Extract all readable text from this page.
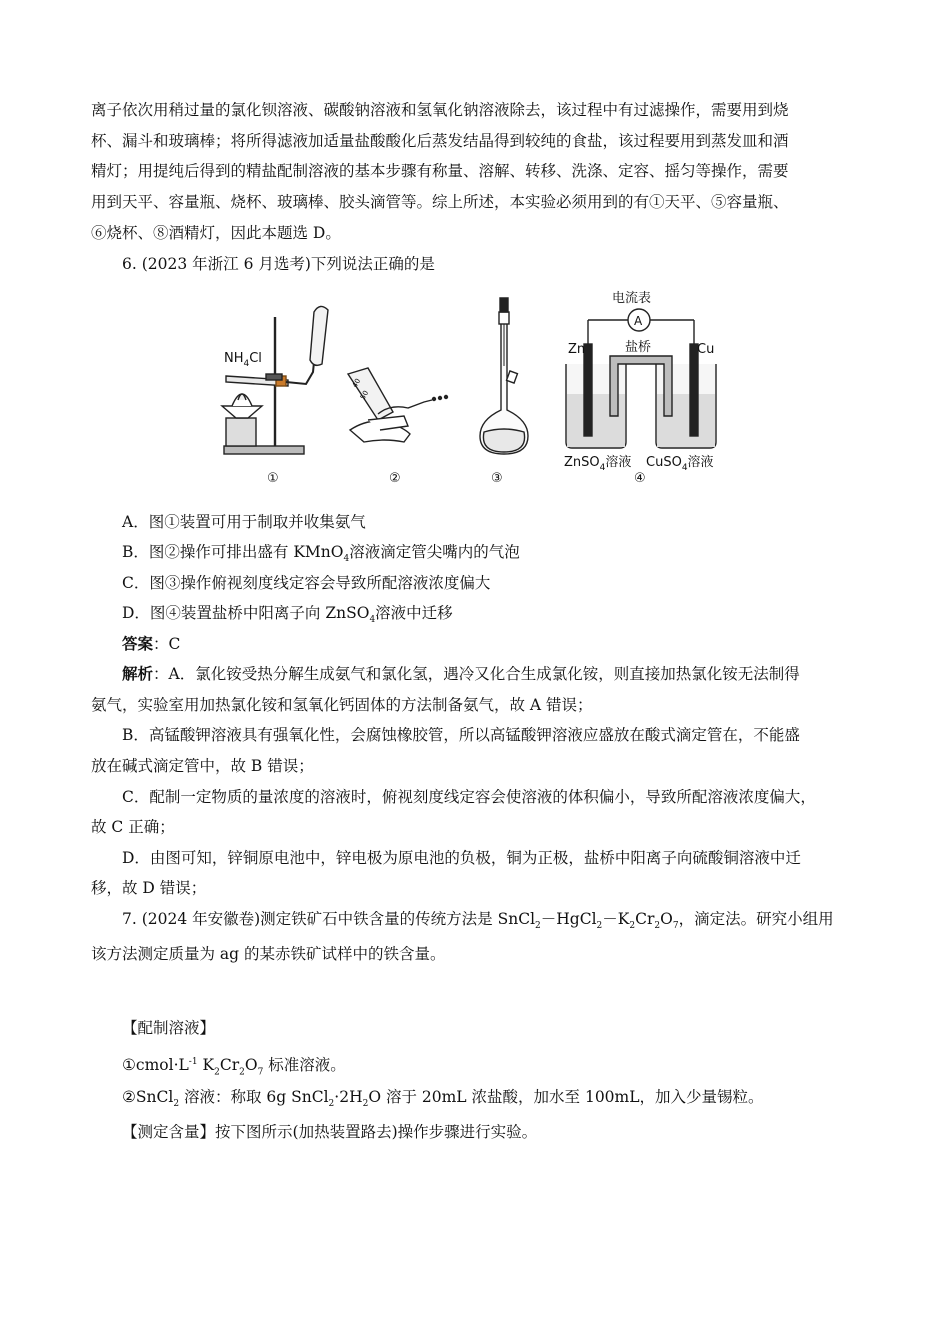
离子依次用稍过量的氯化钡溶液、碳酸钠溶液和氢氧化钠溶液除去，该过程中有过滤操作，需要用到烧
杯、漏斗和玻璃棒；将所得滤液加适量盐酸酸化后蒸发结晶得到较纯的食盐，该过程要用到蒸发皿和酒
精灯；用提纯后得到的精盐配制溶液的基本步骤有称量、溶解、转移、洗涤、定容、摇匀等操作，需要
用到天平、容量瓶、烧杯、玻璃棒、胶头滴管等。综上所述，本实验必须用到的有①天平、⑤容量瓶、
⑥烧杯、⑧酒精灯，因此本题选 D。
6. (2023 年浙江 6 月选考)下列说法正确的是
$NH_4Cl$
电流表
A
Zn	Cu
盐桥
ZnSO$_4$溶液 CuSO$_4$溶液
40
50
①	②	③	④
A．图①装置可用于制取并收集氨气
B．图②操作可排出盛有 KMnO$_4$溶液滴定管尖嘴内的气泡
C．图③操作俯视刻度线定容会导致所配溶液浓度偏大
D．图④装置盐桥中阳离子向 ZnSO$_4$溶液中迁移
答案：C
解析：A．氯化铵受热分解生成氨气和氯化氢，遇冷又化合生成氯化铵，则直接加热氯化铵无法制得
氨气，实验室用加热氯化铵和氢氧化钙固体的方法制备氨气，故 A 错误；
B．高锰酸钾溶液具有强氧化性，会腐蚀橡胶管，所以高锰酸钾溶液应盛放在酸式滴定管在，不能盛
放在碱式滴定管中，故 B 错误；
C．配制一定物质的量浓度的溶液时，俯视刻度线定容会使溶液的体积偏小，导致所配溶液浓度偏大，
故 C 正确；
D．由图可知，锌铜原电池中，锌电极为原电池的负极，铜为正极，盐桥中阳离子向硫酸铜溶液中迁
移，故 D 错误；
7. (2024 年安徽卷)测定铁矿石中铁含量的传统方法是 $SnCl_2-HgCl_2-K_2Cr_2O_7$，滴定法。研究小组用
该方法测定质量为 ag 的某赤铁矿试样中的铁含量。
【配制溶液】
$①cmol\cdot L^{-1}$ $K_2Cr_2O_7$ 标准溶液。
②SnCl$_2$ 溶液：称取 6g $SnCl_2\cdot 2H_2O$ 溶于 20mL 浓盐酸，加水至 100mL，加入少量锡粒。
【测定含量】按下图所示(加热装置路去)操作步骤进行实验。
